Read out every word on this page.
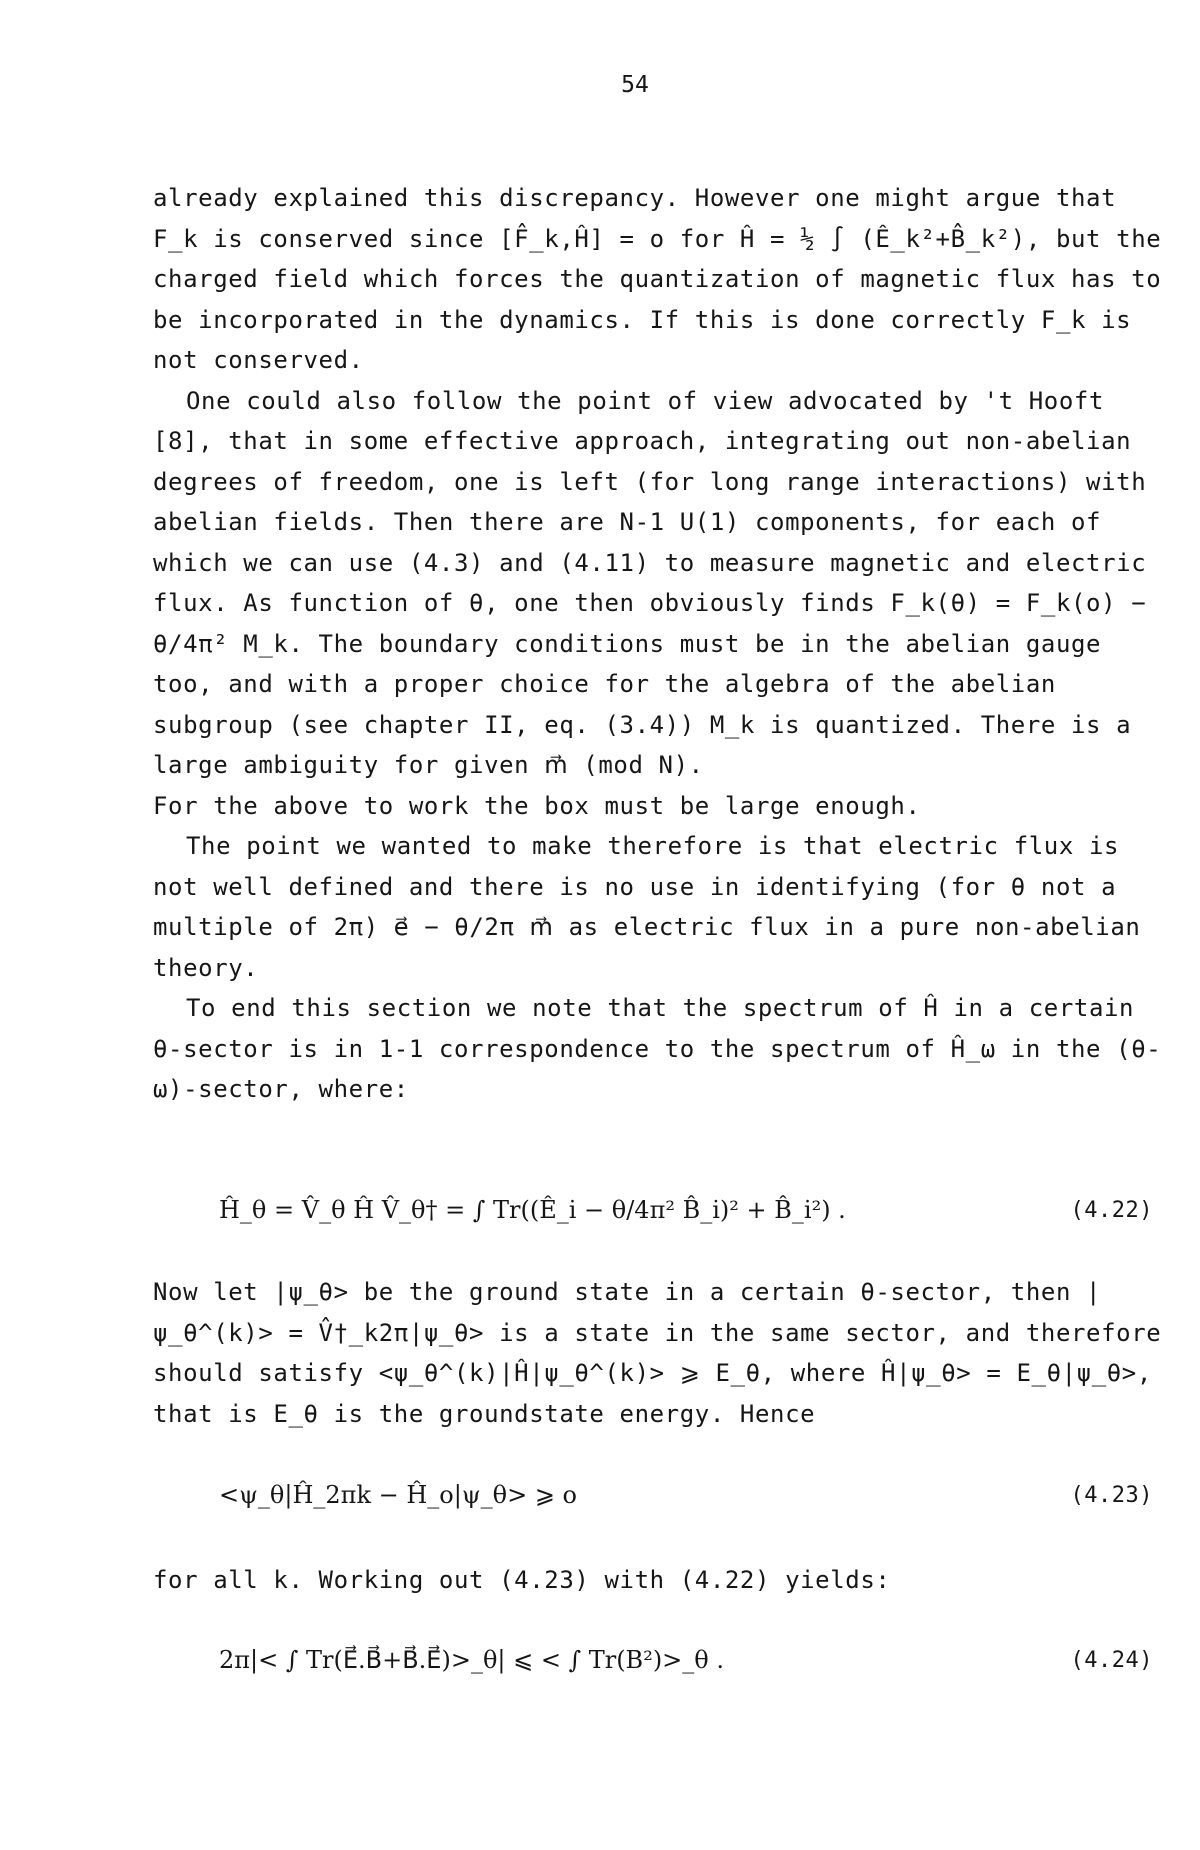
54

already explained this discrepancy. However one might argue that F_k is conserved since [F̂_k,Ĥ] = o for Ĥ = ½ ∫ (Ê_k²+B̂_k²), but the charged field which forces the quantization of magnetic flux has to be incorporated in the dynamics. If this is done correctly F_k is not conserved.

One could also follow the point of view advocated by 't Hooft [8], that in some effective approach, integrating out non-abelian degrees of freedom, one is left (for long range interactions) with abelian fields. Then there are N-1 U(1) components, for each of which we can use (4.3) and (4.11) to measure magnetic and electric flux. As function of θ, one then obviously finds F_k(θ) = F_k(o) − θ/4π² M_k. The boundary conditions must be in the abelian gauge too, and with a proper choice for the algebra of the abelian subgroup (see chapter II, eq. (3.4)) M_k is quantized. There is a large ambiguity for given m⃗ (mod N).

For the above to work the box must be large enough.

The point we wanted to make therefore is that electric flux is not well defined and there is no use in identifying (for θ not a multiple of 2π) e⃗ − θ/2π m⃗ as electric flux in a pure non-abelian theory.

To end this section we note that the spectrum of Ĥ in a certain θ-sector is in 1-1 correspondence to the spectrum of Ĥ_ω in the (θ-ω)-sector, where:

Ĥ_θ = V̂_θ Ĥ V̂_θ† = ∫ Tr((Ê_i − θ/4π² B̂_i)² + B̂_i²) .	(4.22)

Now let |ψ_θ> be the ground state in a certain θ-sector, then |ψ_θ^(k)> = V̂†_k2π|ψ_θ> is a state in the same sector, and therefore should satisfy <ψ_θ^(k)|Ĥ|ψ_θ^(k)> ⩾ E_θ, where Ĥ|ψ_θ> = E_θ|ψ_θ>, that is E_θ is the groundstate energy. Hence

<ψ_θ|Ĥ_2πk − Ĥ_o|ψ_θ> ⩾ o	(4.23)

for all k. Working out (4.23) with (4.22) yields:

2π|< ∫ Tr(E⃗.B⃗+B⃗.E⃗)>_θ| ⩽ < ∫ Tr(B²)>_θ .	(4.24)
